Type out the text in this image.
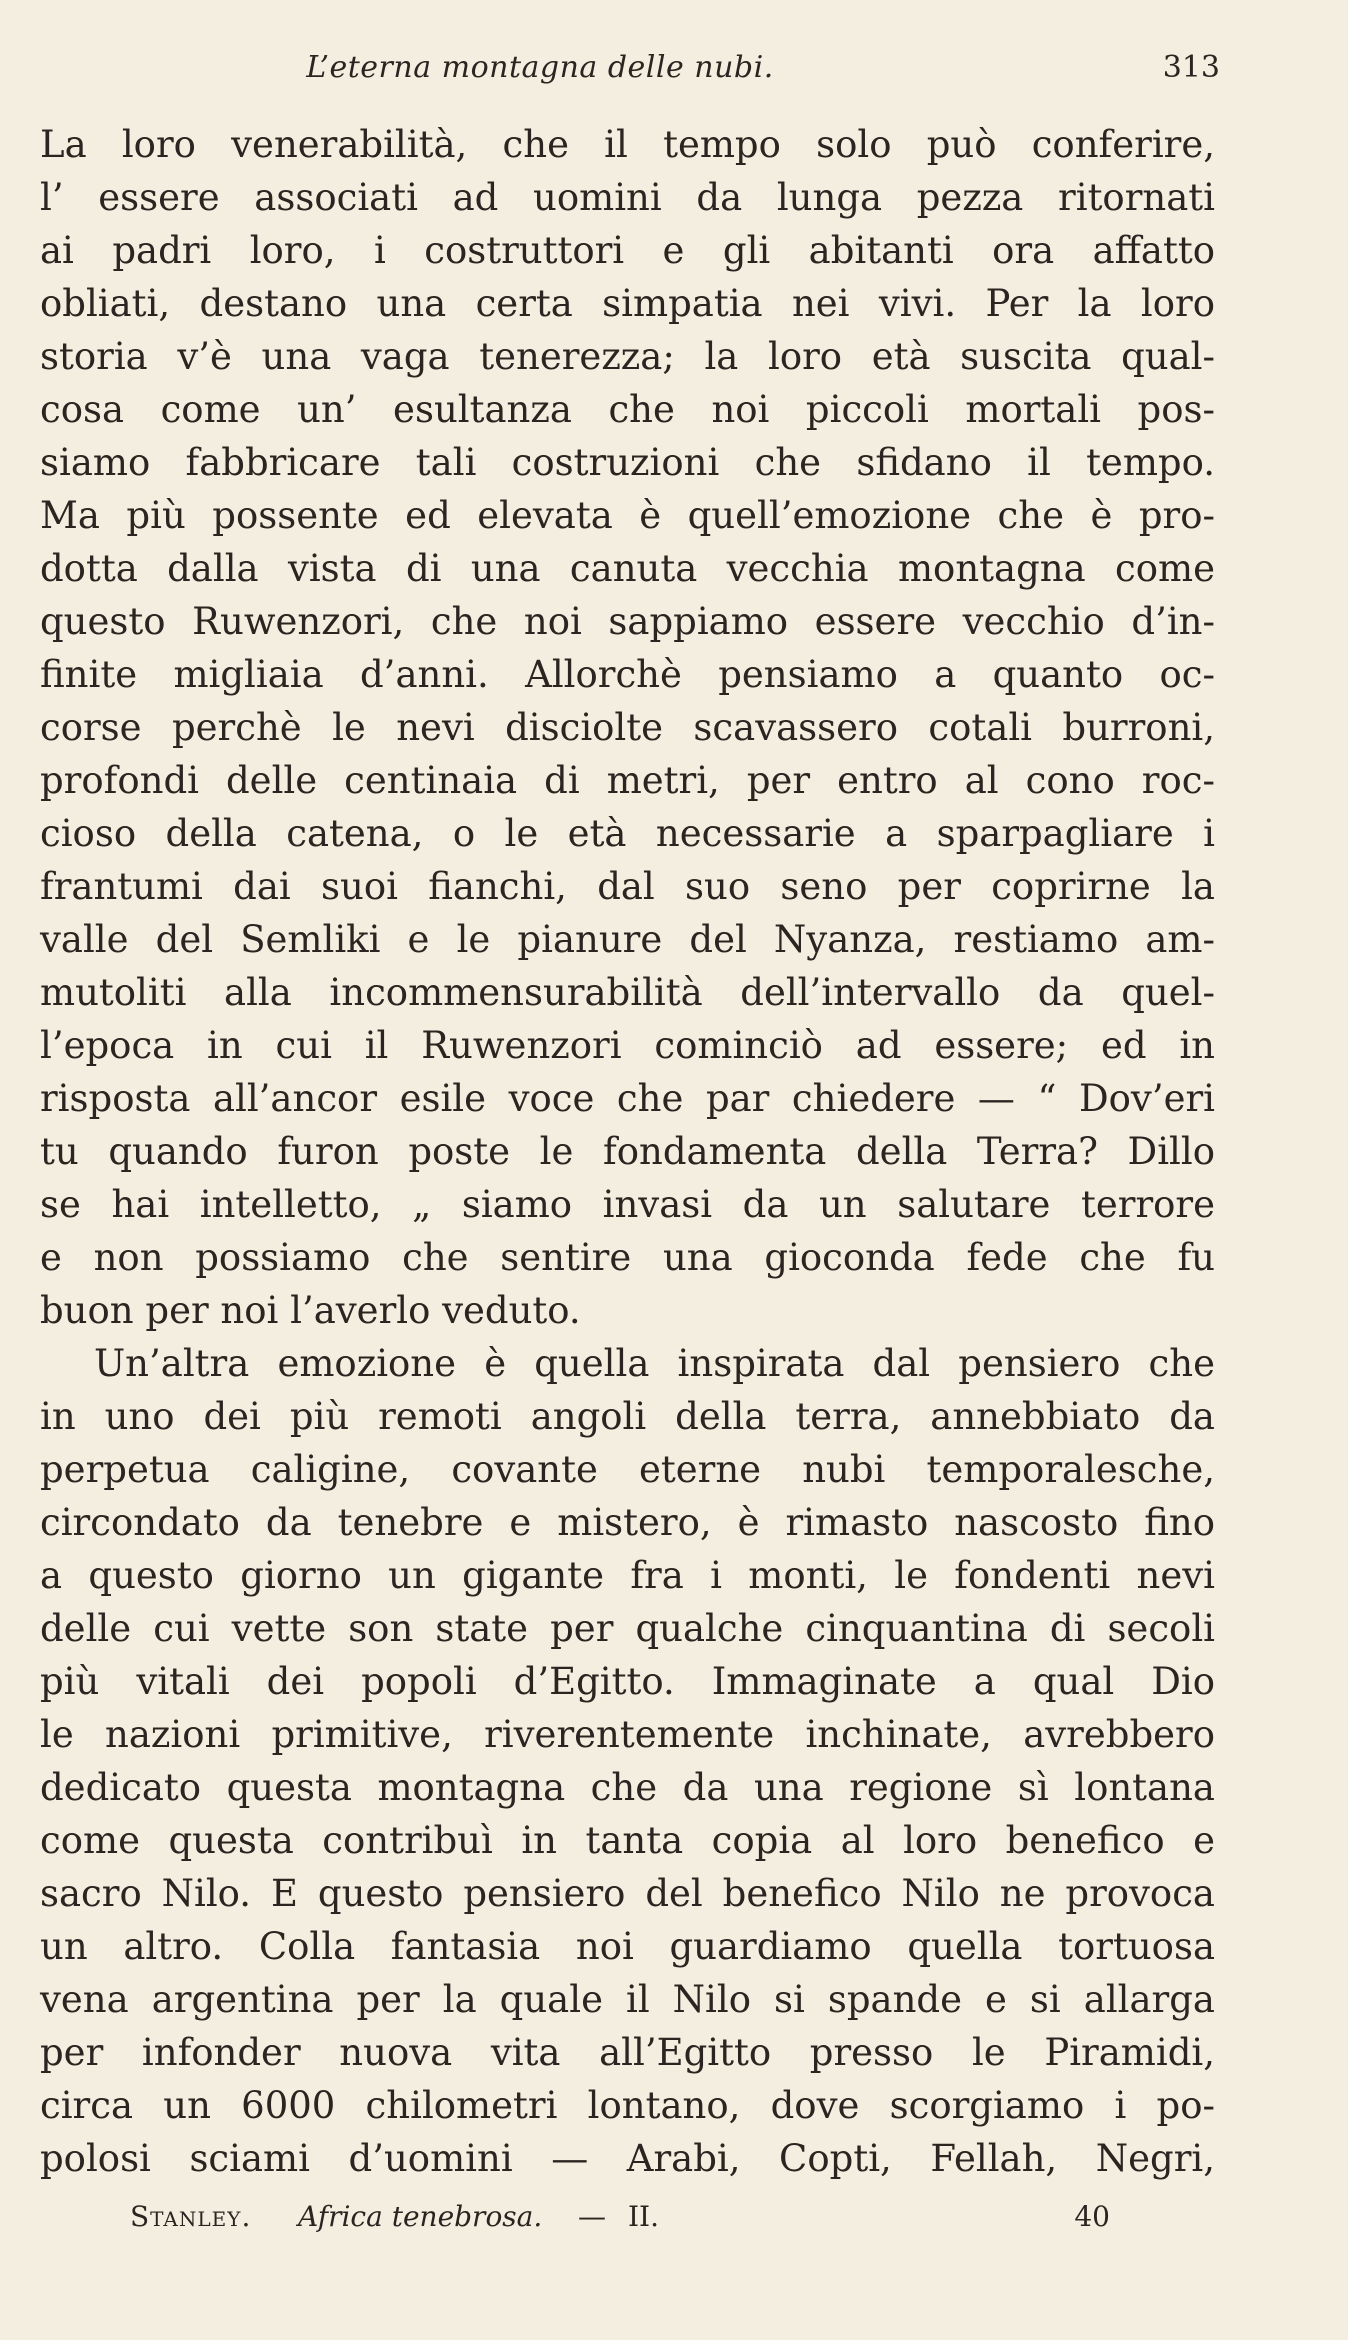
L’eterna montagna delle nubi.	313
La loro venerabilità, che il tempo solo può conferire,
l’ essere associati ad uomini da lunga pezza ritornati
ai padri loro, i costruttori e gli abitanti ora affatto
obliati, destano una certa simpatia nei vivi. Per la loro
storia v’è una vaga tenerezza; la loro età suscita qual-
cosa come un’ esultanza che noi piccoli mortali pos-
siamo fabbricare tali costruzioni che sfidano il tempo.
Ma più possente ed elevata è quell’emozione che è pro-
dotta dalla vista di una canuta vecchia montagna come
questo Ruwenzori, che noi sappiamo essere vecchio d’in-
finite migliaia d’anni. Allorchè pensiamo a quanto oc-
corse perchè le nevi disciolte scavassero cotali burroni,
profondi delle centinaia di metri, per entro al cono roc-
cioso della catena, o le età necessarie a sparpagliare i
frantumi dai suoi fianchi, dal suo seno per coprirne la
valle del Semliki e le pianure del Nyanza, restiamo am-
mutoliti alla incommensurabilità dell’intervallo da quel-
l’epoca in cui il Ruwenzori cominciò ad essere; ed in
risposta all’ancor esile voce che par chiedere — “ Dov’eri
tu quando furon poste le fondamenta della Terra? Dillo
se hai intelletto, „ siamo invasi da un salutare terrore
e non possiamo che sentire una gioconda fede che fu
buon per noi l’averlo veduto.
Un’altra emozione è quella inspirata dal pensiero che
in uno dei più remoti angoli della terra, annebbiato da
perpetua caligine, covante eterne nubi temporalesche,
circondato da tenebre e mistero, è rimasto nascosto fino
a questo giorno un gigante fra i monti, le fondenti nevi
delle cui vette son state per qualche cinquantina di secoli
più vitali dei popoli d’Egitto. Immaginate a qual Dio
le nazioni primitive, riverentemente inchinate, avrebbero
dedicato questa montagna che da una regione sì lontana
come questa contribuì in tanta copia al loro benefico e
sacro Nilo. E questo pensiero del benefico Nilo ne provoca
un altro. Colla fantasia noi guardiamo quella tortuosa
vena argentina per la quale il Nilo si spande e si allarga
per infonder nuova vita all’Egitto presso le Piramidi,
circa un 6000 chilometri lontano, dove scorgiamo i po-
polosi sciami d’uomini — Arabi, Copti, Fellah, Negri,
Stanley. Africa tenebrosa. — II.	40
